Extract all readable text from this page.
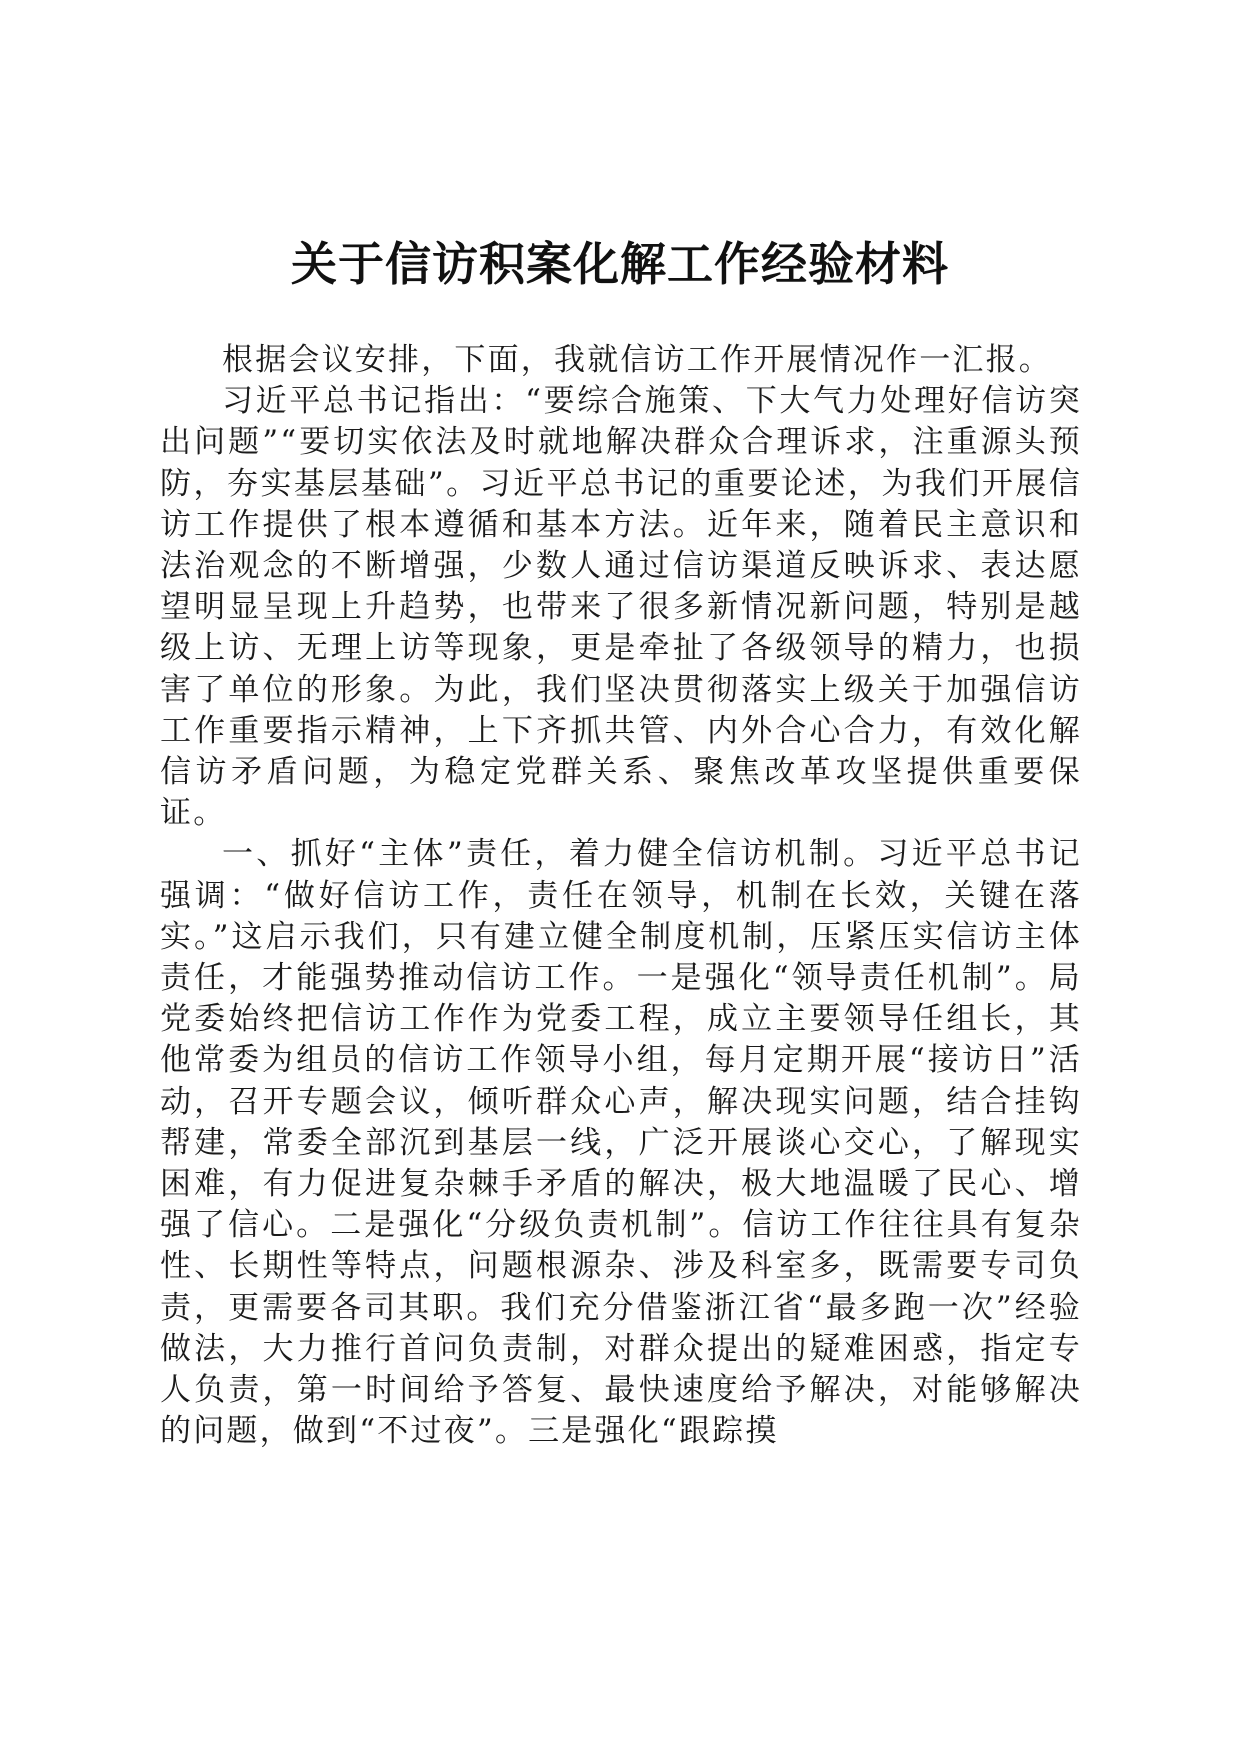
关于信访积案化解工作经验材料

根据会议安排，下面，我就信访工作开展情况作一汇报。

习近平总书记指出：“要综合施策、下大气力处理好信访突出问题”“要切实依法及时就地解决群众合理诉求，注重源头预防，夯实基层基础”。习近平总书记的重要论述，为我们开展信访工作提供了根本遵循和基本方法。近年来，随着民主意识和法治观念的不断增强，少数人通过信访渠道反映诉求、表达愿望明显呈现上升趋势，也带来了很多新情况新问题，特别是越级上访、无理上访等现象，更是牵扯了各级领导的精力，也损害了单位的形象。为此，我们坚决贯彻落实上级关于加强信访工作重要指示精神，上下齐抓共管、内外合心合力，有效化解信访矛盾问题，为稳定党群关系、聚焦改革攻坚提供重要保证。

一、抓好“主体”责任，着力健全信访机制。习近平总书记强调：“做好信访工作，责任在领导，机制在长效，关键在落实。”这启示我们，只有建立健全制度机制，压紧压实信访主体责任，才能强势推动信访工作。一是强化“领导责任机制”。局党委始终把信访工作作为党委工程，成立主要领导任组长，其他常委为组员的信访工作领导小组，每月定期开展“接访日”活动，召开专题会议，倾听群众心声，解决现实问题，结合挂钩帮建，常委全部沉到基层一线，广泛开展谈心交心，了解现实困难，有力促进复杂棘手矛盾的解决，极大地温暖了民心、增强了信心。二是强化“分级负责机制”。信访工作往往具有复杂性、长期性等特点，问题根源杂、涉及科室多，既需要专司负责，更需要各司其职。我们充分借鉴浙江省“最多跑一次”经验做法，大力推行首问负责制，对群众提出的疑难困惑，指定专人负责，第一时间给予答复、最快速度给予解决，对能够解决的问题，做到“不过夜”。三是强化“跟踪摸
